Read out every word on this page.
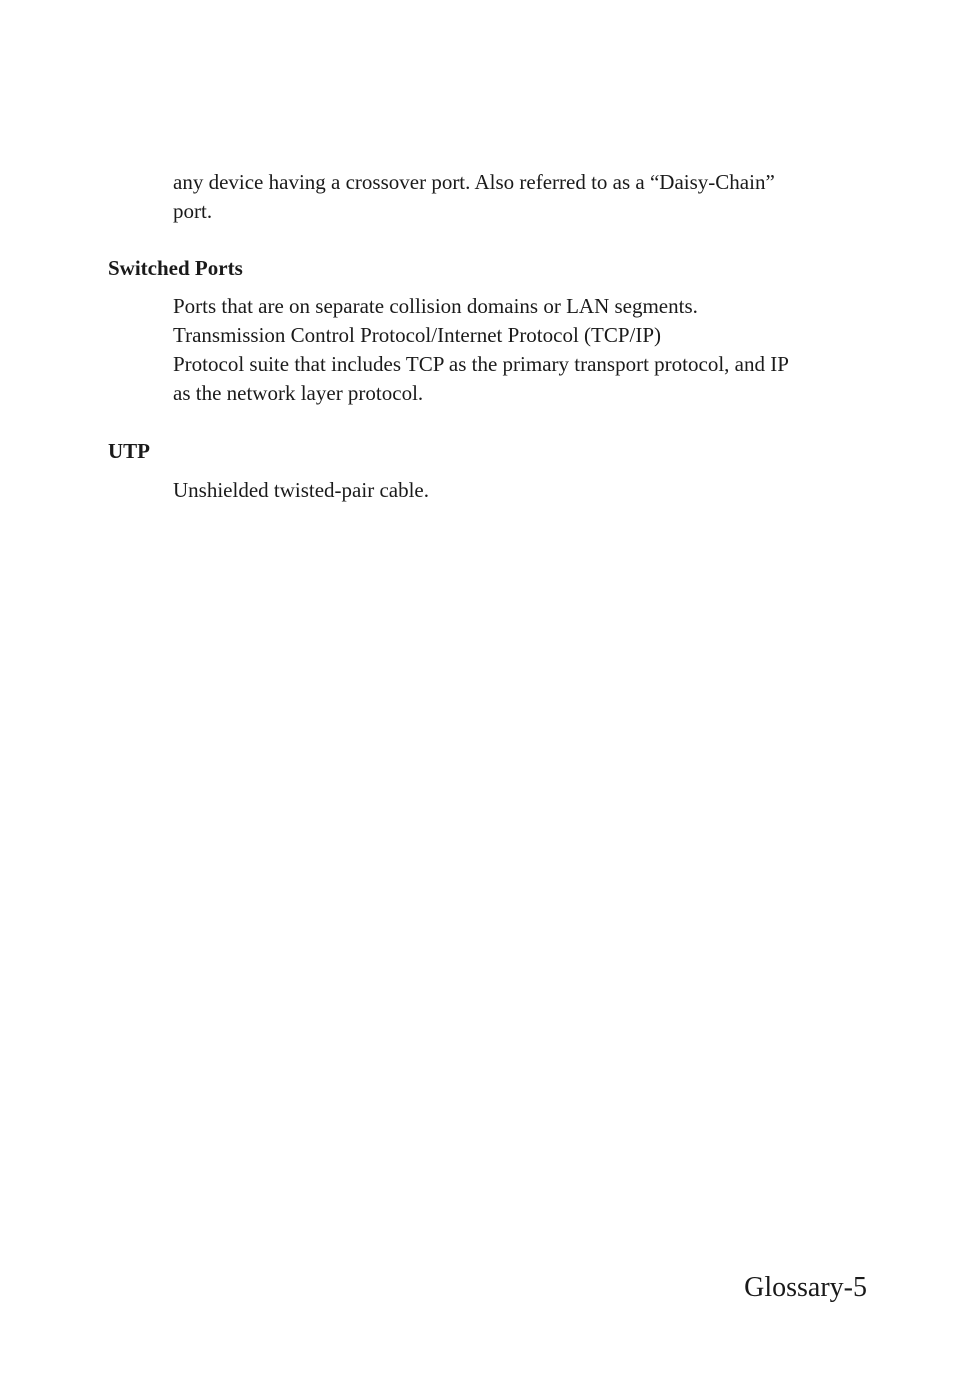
any device having a crossover port. Also referred to as a “Daisy-Chain”
port.
Switched Ports
Ports that are on separate collision domains or LAN segments.
Transmission Control Protocol/Internet Protocol (TCP/IP)
Protocol suite that includes TCP as the primary transport protocol, and IP
as the network layer protocol.
UTP
Unshielded twisted-pair cable.
Glossary-5
